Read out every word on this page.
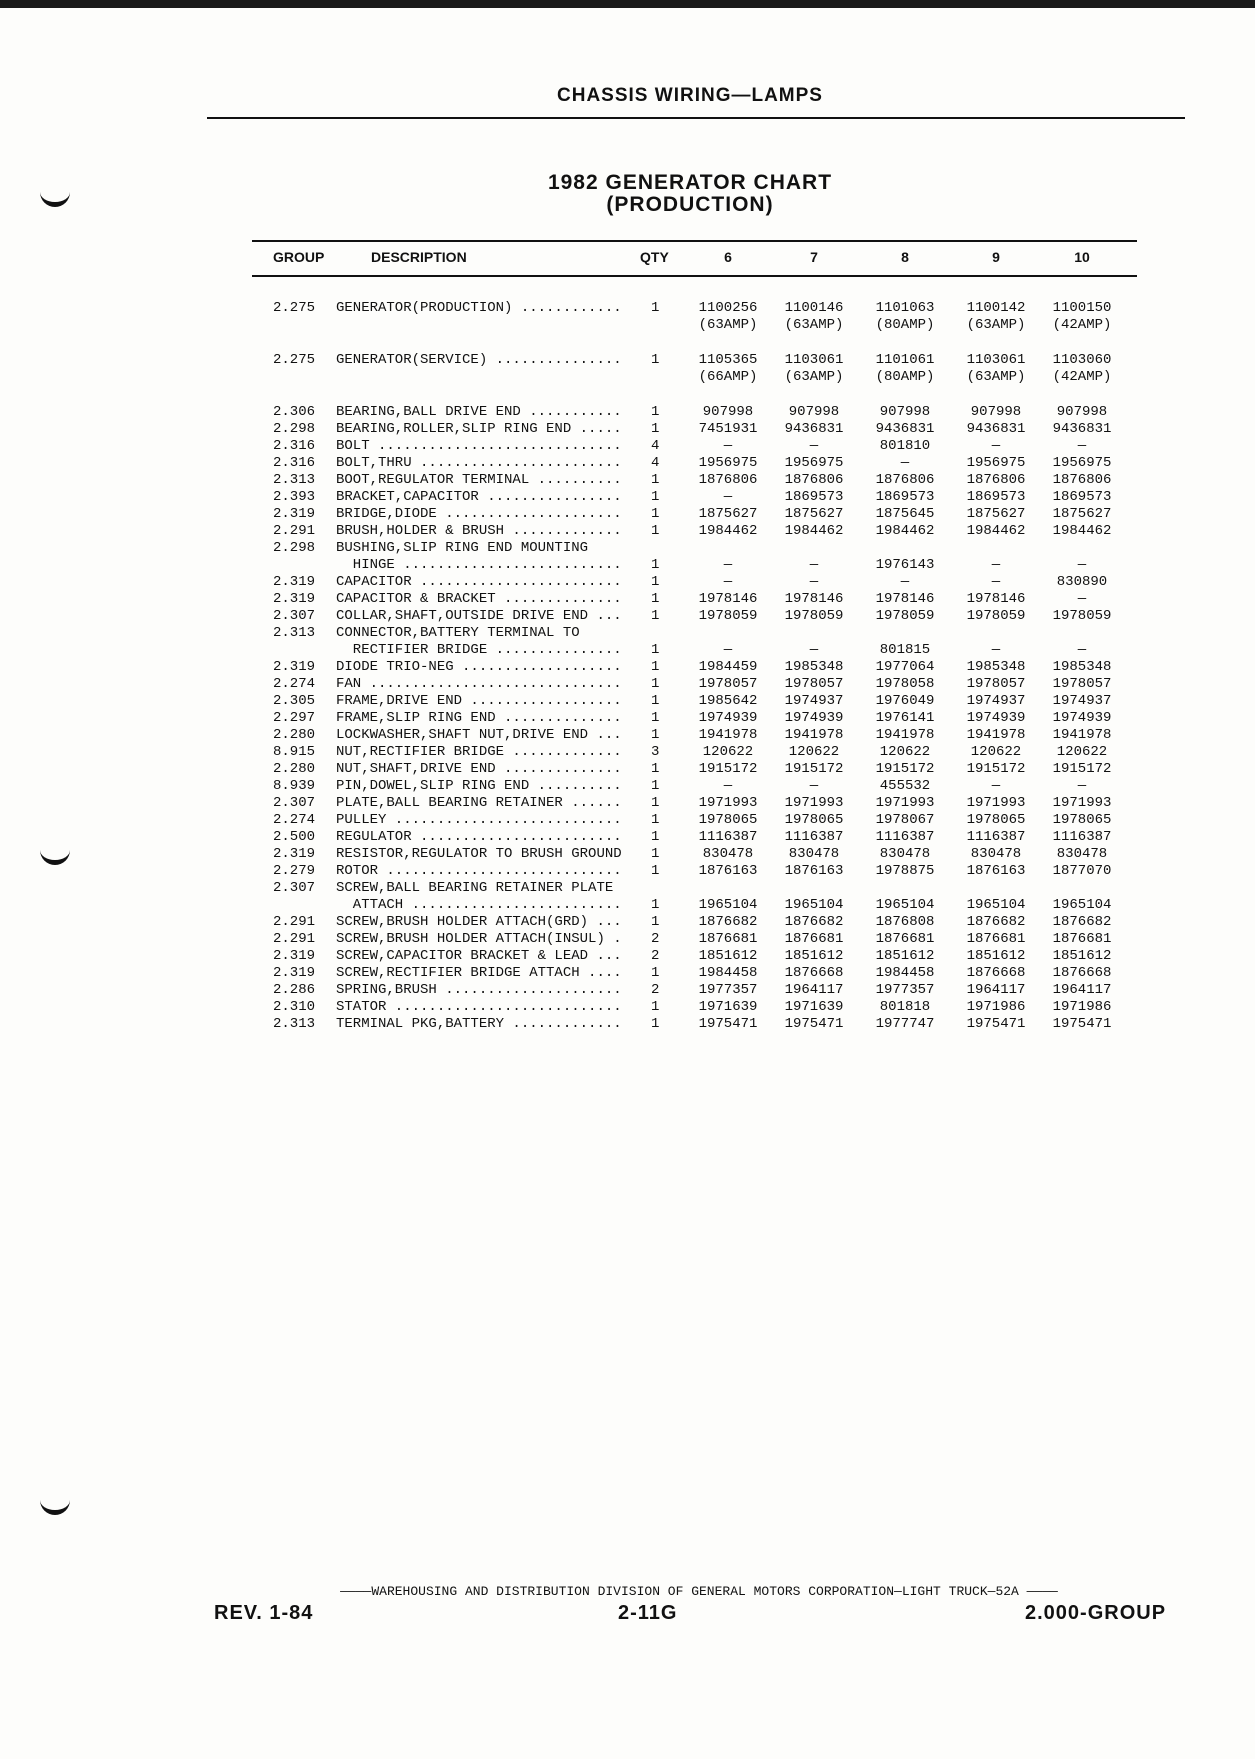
CHASSIS WIRING—LAMPS
1982 GENERATOR CHART
(PRODUCTION)
GROUP	DESCRIPTION	QTY	6	7	8	9	10
2.275 GENERATOR(PRODUCTION) ............ 1	1100256	1100146	1101063	1100142	1100150
(63AMP)	(63AMP)	(80AMP)	(63AMP)	(42AMP)
2.275 GENERATOR(SERVICE) ............... 1	1105365	1103061	1101061	1103061	1103060
(66AMP)	(63AMP)	(80AMP)	(63AMP)	(42AMP)
2.306 BEARING,BALL DRIVE END ........... 1	907998	907998	907998	907998	907998
2.298 BEARING,ROLLER,SLIP RING END ..... 1	7451931	9436831	9436831	9436831	9436831
2.316 BOLT ............................. 4	—	—	801810	—	—
2.316 BOLT,THRU ........................ 4	1956975	1956975	—	1956975	1956975
2.313 BOOT,REGULATOR TERMINAL .......... 1	1876806	1876806	1876806	1876806	1876806
2.393 BRACKET,CAPACITOR ................ 1	—	1869573	1869573	1869573	1869573
2.319 BRIDGE,DIODE ..................... 1	1875627	1875627	1875645	1875627	1875627
2.291 BRUSH,HOLDER & BRUSH ............. 1	1984462	1984462	1984462	1984462	1984462
2.298 BUSHING,SLIP RING END MOUNTING
HINGE .......................... 1	—	—	1976143	—	—
2.319 CAPACITOR ........................ 1	—	—	—	—	830890
2.319 CAPACITOR & BRACKET .............. 1	1978146	1978146	1978146	1978146	—
2.307 COLLAR,SHAFT,OUTSIDE DRIVE END ... 1	1978059	1978059	1978059	1978059	1978059
2.313 CONNECTOR,BATTERY TERMINAL TO
RECTIFIER BRIDGE ............... 1	—	—	801815	—	—
2.319 DIODE TRIO-NEG ................... 1	1984459	1985348	1977064	1985348	1985348
2.274 FAN .............................. 1	1978057	1978057	1978058	1978057	1978057
2.305 FRAME,DRIVE END .................. 1	1985642	1974937	1976049	1974937	1974937
2.297 FRAME,SLIP RING END .............. 1	1974939	1974939	1976141	1974939	1974939
2.280 LOCKWASHER,SHAFT NUT,DRIVE END ... 1	1941978	1941978	1941978	1941978	1941978
8.915 NUT,RECTIFIER BRIDGE ............. 3	120622	120622	120622	120622	120622
2.280 NUT,SHAFT,DRIVE END .............. 1	1915172	1915172	1915172	1915172	1915172
8.939 PIN,DOWEL,SLIP RING END .......... 1	—	—	455532	—	—
2.307 PLATE,BALL BEARING RETAINER ...... 1	1971993	1971993	1971993	1971993	1971993
2.274 PULLEY ........................... 1	1978065	1978065	1978067	1978065	1978065
2.500 REGULATOR ........................ 1	1116387	1116387	1116387	1116387	1116387
2.319 RESISTOR,REGULATOR TO BRUSH GROUND 1	830478	830478	830478	830478	830478
2.279 ROTOR ............................ 1	1876163	1876163	1978875	1876163	1877070
2.307 SCREW,BALL BEARING RETAINER PLATE
ATTACH ......................... 1	1965104	1965104	1965104	1965104	1965104
2.291 SCREW,BRUSH HOLDER ATTACH(GRD) ... 1	1876682	1876682	1876808	1876682	1876682
2.291 SCREW,BRUSH HOLDER ATTACH(INSUL) . 2	1876681	1876681	1876681	1876681	1876681
2.319 SCREW,CAPACITOR BRACKET & LEAD ... 2	1851612	1851612	1851612	1851612	1851612
2.319 SCREW,RECTIFIER BRIDGE ATTACH .... 1	1984458	1876668	1984458	1876668	1876668
2.286 SPRING,BRUSH ..................... 2	1977357	1964117	1977357	1964117	1964117
2.310 STATOR ........................... 1	1971639	1971639	801818	1971986	1971986
2.313 TERMINAL PKG,BATTERY ............. 1	1975471	1975471	1977747	1975471	1975471
————WAREHOUSING AND DISTRIBUTION DIVISION OF GENERAL MOTORS CORPORATION—LIGHT TRUCK—52A ————
REV. 1-84	2-11G	2.000-GROUP
